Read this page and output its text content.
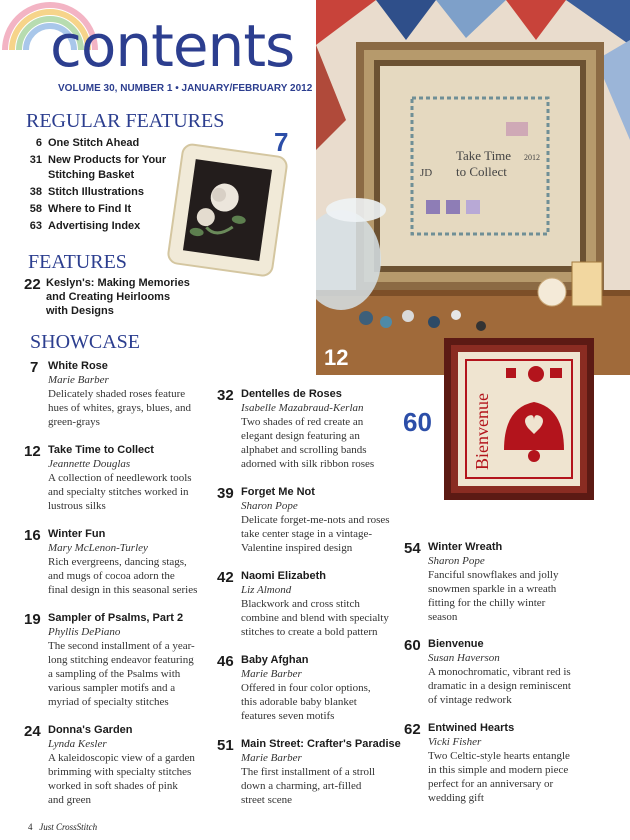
contents
VOLUME 30, NUMBER 1 • JANUARY/FEBRUARY 2012
Take Time
to Collect
JD
2012
12
7
Bienvenue
60
REGULAR FEATURES
6 One Stitch Ahead
31 New Products for Your
Stitching Basket
38 Stitch Illustrations
58 Where to Find It
63 Advertising Index
FEATURES
22 Keslyn's: Making Memories
and Creating Heirlooms
with Designs
SHOWCASE
7 White Rose
Marie Barber
Delicately shaded roses feature
hues of whites, grays, blues, and
green-grays
12 Take Time to Collect
Jeannette Douglas
A collection of needlework tools
and specialty stitches worked in
lustrous silks
16 Winter Fun
Mary McLenon-Turley
Rich evergreens, dancing stags,
and mugs of cocoa adorn the
final design in this seasonal series
19 Sampler of Psalms, Part 2
Phyllis DePiano
The second installment of a year-
long stitching endeavor featuring
a sampling of the Psalms with
various sampler motifs and a
myriad of specialty stitches
24 Donna's Garden
Lynda Kesler
A kaleidoscopic view of a garden
brimming with specialty stitches
worked in soft shades of pink
and green
32 Dentelles de Roses
Isabelle Mazabraud-Kerlan
Two shades of red create an
elegant design featuring an
alphabet and scrolling bands
adorned with silk ribbon roses
39 Forget Me Not
Sharon Pope
Delicate forget-me-nots and roses
take center stage in a vintage-
Valentine inspired design
42 Naomi Elizabeth
Liz Almond
Blackwork and cross stitch
combine and blend with specialty
stitches to create a bold pattern
46 Baby Afghan
Marie Barber
Offered in four color options,
this adorable baby blanket
features seven motifs
51 Main Street: Crafter's Paradise
Marie Barber
The first installment of a stroll
down a charming, art-filled
street scene
54 Winter Wreath
Sharon Pope
Fanciful snowflakes and jolly
snowmen sparkle in a wreath
fitting for the chilly winter
season
60 Bienvenue
Susan Haverson
A monochromatic, vibrant red is
dramatic in a design reminiscent
of vintage redwork
62 Entwined Hearts
Vicki Fisher
Two Celtic-style hearts entangle
in this simple and modern piece
perfect for an anniversary or
wedding gift
4 Just CrossStitch
